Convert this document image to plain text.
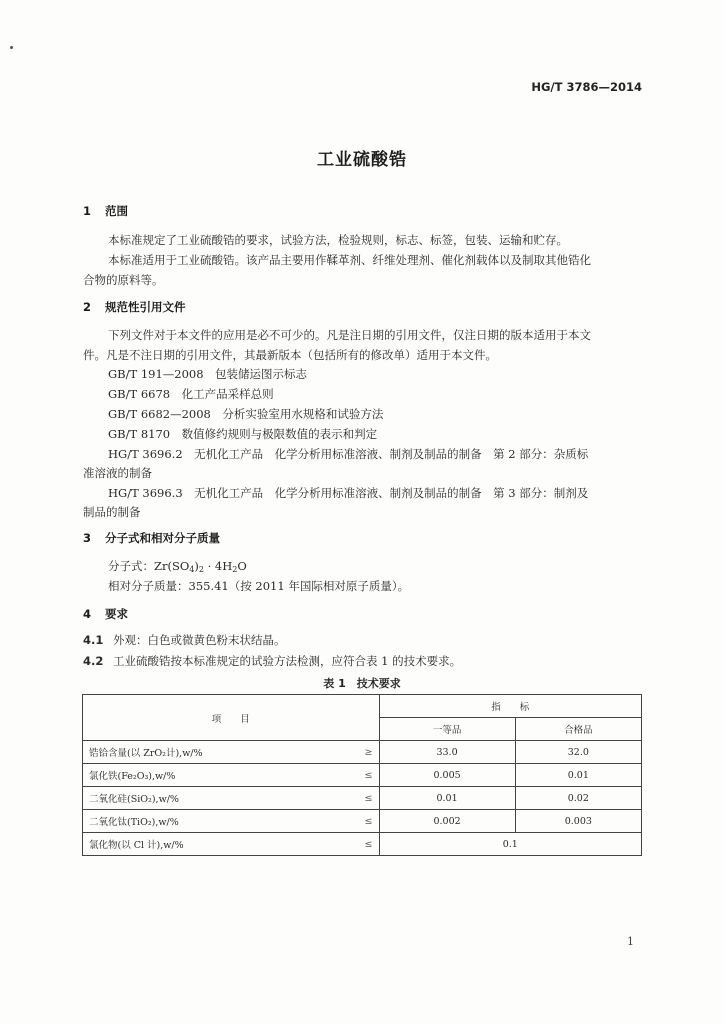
HG/T 3786—2014
工业硫酸锆
1 范围
本标准规定了工业硫酸锆的要求，试验方法，检验规则，标志、标签，包装、运输和贮存。
本标准适用于工业硫酸锆。该产品主要用作鞣革剂、纤维处理剂、催化剂载体以及制取其他锆化
合物的原料等。
2 规范性引用文件
下列文件对于本文件的应用是必不可少的。凡是注日期的引用文件，仅注日期的版本适用于本文
件。凡是不注日期的引用文件，其最新版本（包括所有的修改单）适用于本文件。
GB/T 191—2008　包装储运图示标志
GB/T 6678　化工产品采样总则
GB/T 6682—2008　分析实验室用水规格和试验方法
GB/T 8170　数值修约规则与极限数值的表示和判定
HG/T 3696.2　无机化工产品　化学分析用标准溶液、制剂及制品的制备　第 2 部分：杂质标
准溶液的制备
HG/T 3696.3　无机化工产品　化学分析用标准溶液、制剂及制品的制备　第 3 部分：制剂及
制品的制备
3 分子式和相对分子质量
分子式：$Zr(SO_4)_2 \cdot 4H_2O$
相对分子质量：355.41（按 2011 年国际相对原子质量）。
4 要求
4.1 外观：白色或微黄色粉末状结晶。
4.2 工业硫酸锆按本标准规定的试验方法检测，应符合表 1 的技术要求。
表 1　技术要求
项　　目		指　　标	
		一等品	合格品
锆铪含量(以 ZrO₂计),w/%	≥	33.0	32.0
氯化铁(Fe₂O₃),w/%	≤	0.005	0.01
二氧化硅(SiO₂),w/%	≤	0.01	0.02
二氧化钛(TiO₂),w/%	≤	0.002	0.003
氯化物(以 Cl 计),w/%	≤	0.1	
1
